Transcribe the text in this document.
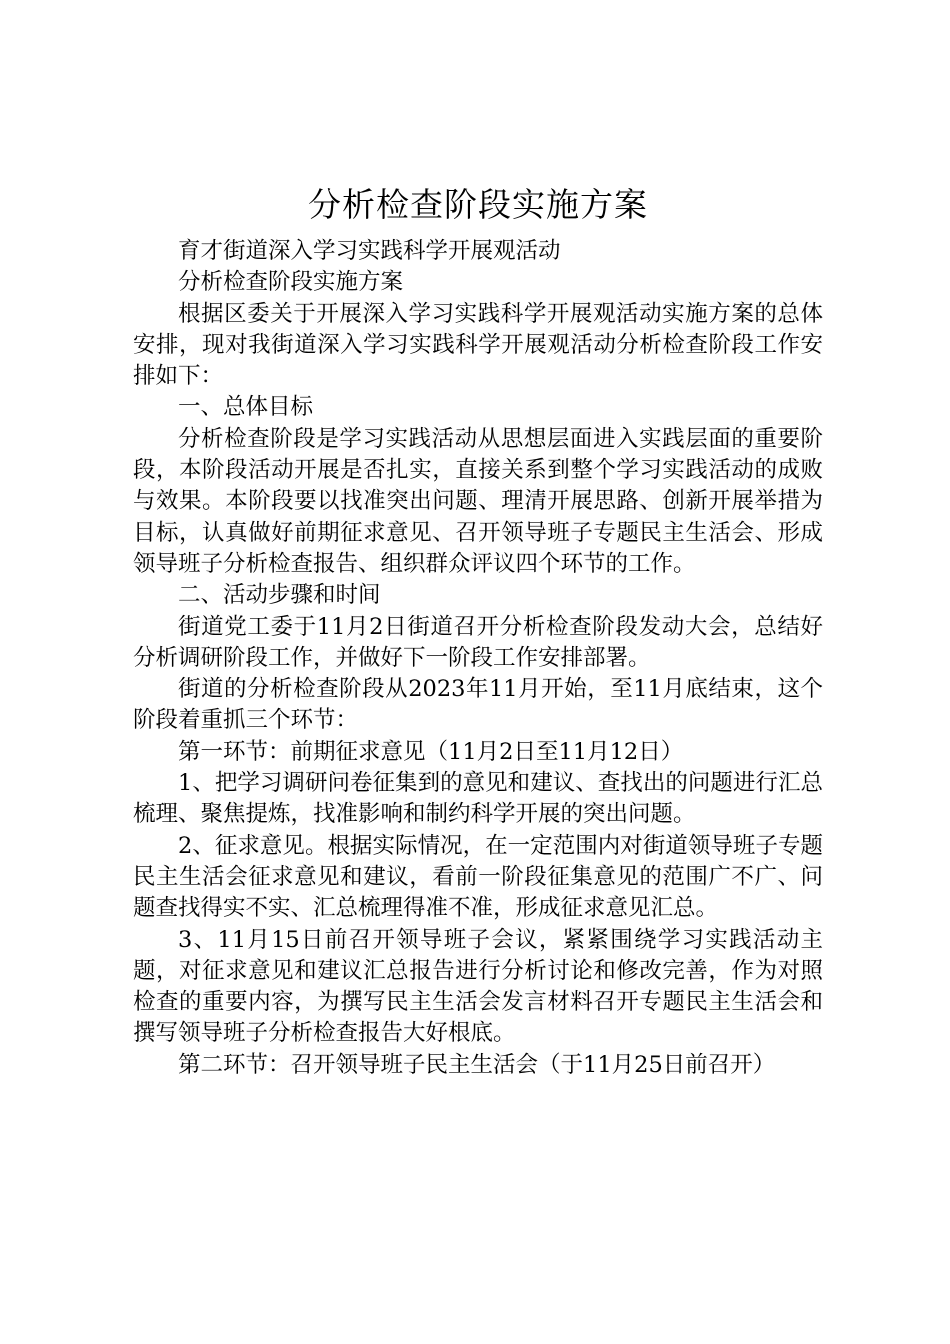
分析检查阶段实施方案

育才街道深入学习实践科学开展观活动

分析检查阶段实施方案

根据区委关于开展深入学习实践科学开展观活动实施方案的总体安排，现对我街道深入学习实践科学开展观活动分析检查阶段工作安排如下：

一、总体目标

分析检查阶段是学习实践活动从思想层面进入实践层面的重要阶段，本阶段活动开展是否扎实，直接关系到整个学习实践活动的成败与效果。本阶段要以找准突出问题、理清开展思路、创新开展举措为目标，认真做好前期征求意见、召开领导班子专题民主生活会、形成领导班子分析检查报告、组织群众评议四个环节的工作。

二、活动步骤和时间

街道党工委于11月2日街道召开分析检查阶段发动大会，总结好分析调研阶段工作，并做好下一阶段工作安排部署。

街道的分析检查阶段从2023年11月开始，至11月底结束，这个阶段着重抓三个环节：

第一环节：前期征求意见（11月2日至11月12日）

1、把学习调研问卷征集到的意见和建议、查找出的问题进行汇总梳理、聚焦提炼，找准影响和制约科学开展的突出问题。

2、征求意见。根据实际情况，在一定范围内对街道领导班子专题民主生活会征求意见和建议，看前一阶段征集意见的范围广不广、问题查找得实不实、汇总梳理得准不准，形成征求意见汇总。

3、11月15日前召开领导班子会议，紧紧围绕学习实践活动主题，对征求意见和建议汇总报告进行分析讨论和修改完善，作为对照检查的重要内容，为撰写民主生活会发言材料召开专题民主生活会和撰写领导班子分析检查报告大好根底。

第二环节：召开领导班子民主生活会（于11月25日前召开）
